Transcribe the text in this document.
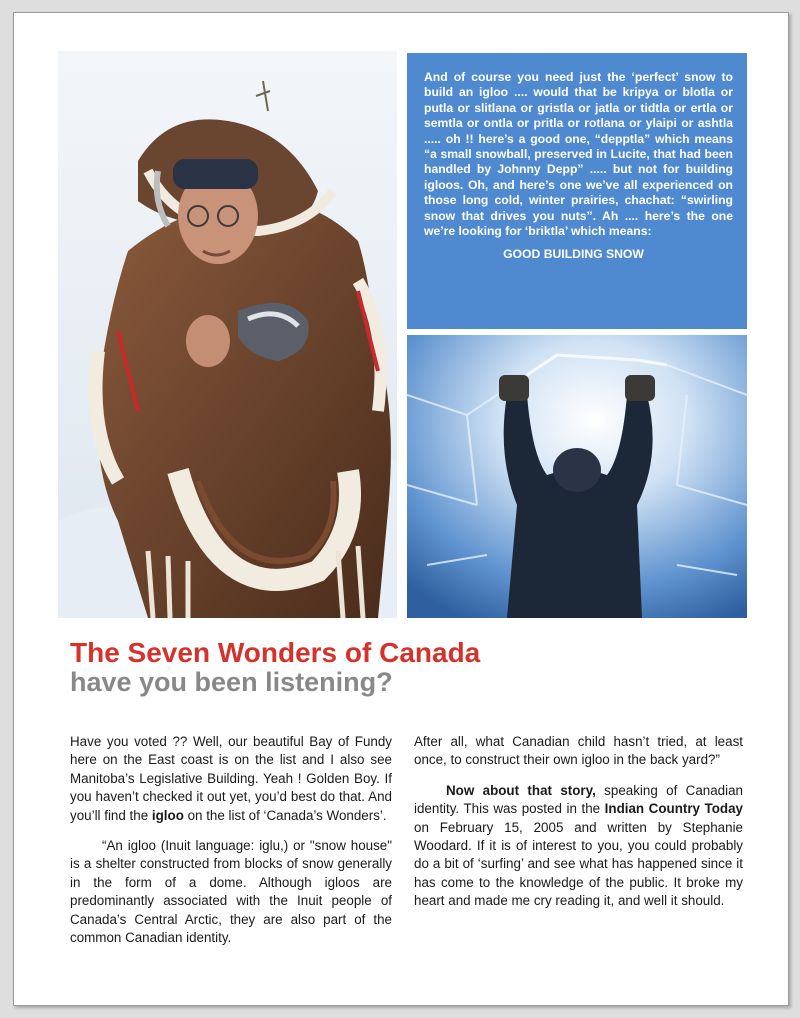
And of course you need just the ‘perfect’ snow to build an igloo .... would that be kripya or blotla or putla or slitlana or gristla or jatla or tidtla or ertla or semtla or ontla or pritla or rotlana or ylaipi or ashtla ..... oh !! here’s a good one, “depptla” which means “a small snowball, preserved in Lucite, that had been handled by Johnny Depp” ..... but not for building igloos. Oh, and here’s one we’ve all experienced on those long cold, winter prairies, chachat: “swirling snow that drives you nuts”. Ah .... here’s the one we’re looking for ‘briktla’ which means:

GOOD BUILDING SNOW
The Seven Wonders of Canada
have you been listening?

Have you voted ?? Well, our beautiful Bay of Fundy here on the East coast is on the list and I also see Manitoba’s Legislative Building. Yeah ! Golden Boy. If you haven’t checked it out yet, you’d best do that. And you’ll find the igloo on the list of ‘Canada’s Wonders’.

“An igloo (Inuit language: iglu,) or "snow house" is a shelter constructed from blocks of snow generally in the form of a dome. Although igloos are predominantly associated with the Inuit people of Canada’s Central Arctic, they are also part of the common Canadian identity.

After all, what Canadian child hasn’t tried, at least once, to construct their own igloo in the back yard?”

Now about that story, speaking of Canadian identity. This was posted in the Indian Country Today on February 15, 2005 and written by Stephanie Woodard. If it is of interest to you, you could probably do a bit of ‘surfing’ and see what has happened since it has come to the knowledge of the public. It broke my heart and made me cry reading it, and well it should.
